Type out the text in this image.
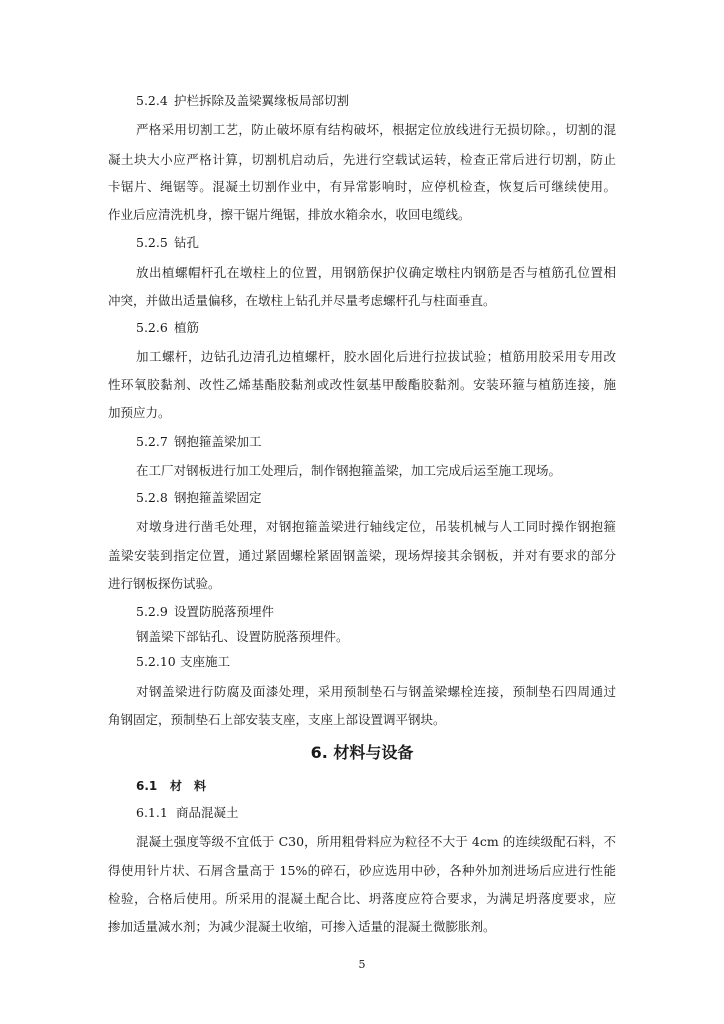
5.2.4 护栏拆除及盖梁翼缘板局部切割
严格采用切割工艺，防止破坏原有结构破坏，根据定位放线进行无损切除。，切割的混
凝土块大小应严格计算，切割机启动后，先进行空载试运转，检查正常后进行切割，防止
卡锯片、绳锯等。混凝土切割作业中，有异常影响时，应停机检查，恢复后可继续使用。
作业后应清洗机身，擦干锯片绳锯，排放水箱余水，收回电缆线。
5.2.5 钻孔
放出植螺帽杆孔在墩柱上的位置，用钢筋保护仪确定墩柱内钢筋是否与植筋孔位置相
冲突，并做出适量偏移，在墩柱上钻孔并尽量考虑螺杆孔与柱面垂直。
5.2.6 植筋
加工螺杆，边钻孔边清孔边植螺杆，胶水固化后进行拉拔试验；植筋用胶采用专用改
性环氧胶黏剂、改性乙烯基酯胶黏剂或改性氨基甲酸酯胶黏剂。安装环箍与植筋连接，施
加预应力。
5.2.7 钢抱箍盖梁加工
在工厂对钢板进行加工处理后，制作钢抱箍盖梁，加工完成后运至施工现场。
5.2.8 钢抱箍盖梁固定
对墩身进行凿毛处理，对钢抱箍盖梁进行轴线定位，吊装机械与人工同时操作钢抱箍
盖梁安装到指定位置，通过紧固螺栓紧固钢盖梁，现场焊接其余钢板，并对有要求的部分
进行钢板探伤试验。
5.2.9 设置防脱落预埋件
钢盖梁下部钻孔、设置防脱落预埋件。
5.2.10 支座施工
对钢盖梁进行防腐及面漆处理，采用预制垫石与钢盖梁螺栓连接，预制垫石四周通过
角钢固定，预制垫石上部安装支座，支座上部设置调平钢块。
6. 材料与设备
6.1 材　料
6.1.1 商品混凝土
混凝土强度等级不宜低于 C30，所用粗骨料应为粒径不大于 4cm 的连续级配石料，不
得使用针片状、石屑含量高于 15%的碎石，砂应选用中砂，各种外加剂进场后应进行性能
检验，合格后使用。所采用的混凝土配合比、坍落度应符合要求，为满足坍落度要求，应
掺加适量减水剂；为减少混凝土收缩，可掺入适量的混凝土微膨胀剂。
5
